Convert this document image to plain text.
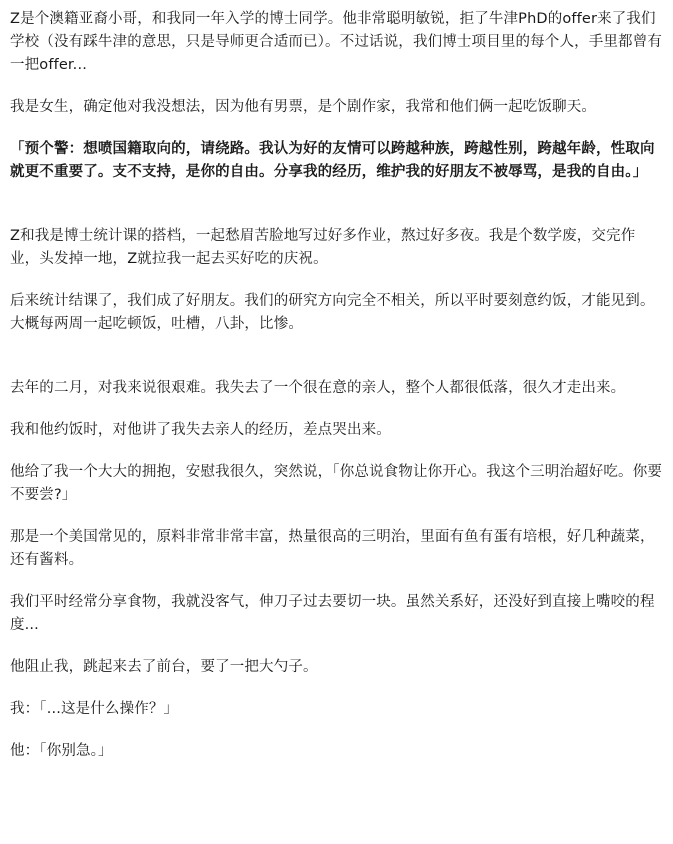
Z是个澳籍亚裔小哥，和我同一年入学的博士同学。他非常聪明敏锐，拒了牛津PhD的offer来了我们学校（没有踩牛津的意思，只是导师更合适而已）。不过话说，我们博士项目里的每个人，手里都曾有一把offer...

我是女生，确定他对我没想法，因为他有男票，是个剧作家，我常和他们俩一起吃饭聊天。

「预个警：想喷国籍取向的，请绕路。我认为好的友情可以跨越种族，跨越性别，跨越年龄，性取向就更不重要了。支不支持，是你的自由。分享我的经历，维护我的好朋友不被辱骂，是我的自由。」

Z和我是博士统计课的搭档，一起愁眉苦脸地写过好多作业，熬过好多夜。我是个数学废，交完作业，头发掉一地，Z就拉我一起去买好吃的庆祝。

后来统计结课了，我们成了好朋友。我们的研究方向完全不相关，所以平时要刻意约饭，才能见到。大概每两周一起吃顿饭，吐槽，八卦，比惨。

去年的二月，对我来说很艰难。我失去了一个很在意的亲人，整个人都很低落，很久才走出来。

我和他约饭时，对他讲了我失去亲人的经历，差点哭出来。

他给了我一个大大的拥抱，安慰我很久，突然说，「你总说食物让你开心。我这个三明治超好吃。你要不要尝?」

那是一个美国常见的，原料非常非常丰富，热量很高的三明治，里面有鱼有蛋有培根，好几种蔬菜，还有酱料。

我们平时经常分享食物，我就没客气，伸刀子过去要切一块。虽然关系好，还没好到直接上嘴咬的程度...

他阻止我，跳起来去了前台，要了一把大勺子。

我：「...这是什么操作？」

他：「你别急。」
